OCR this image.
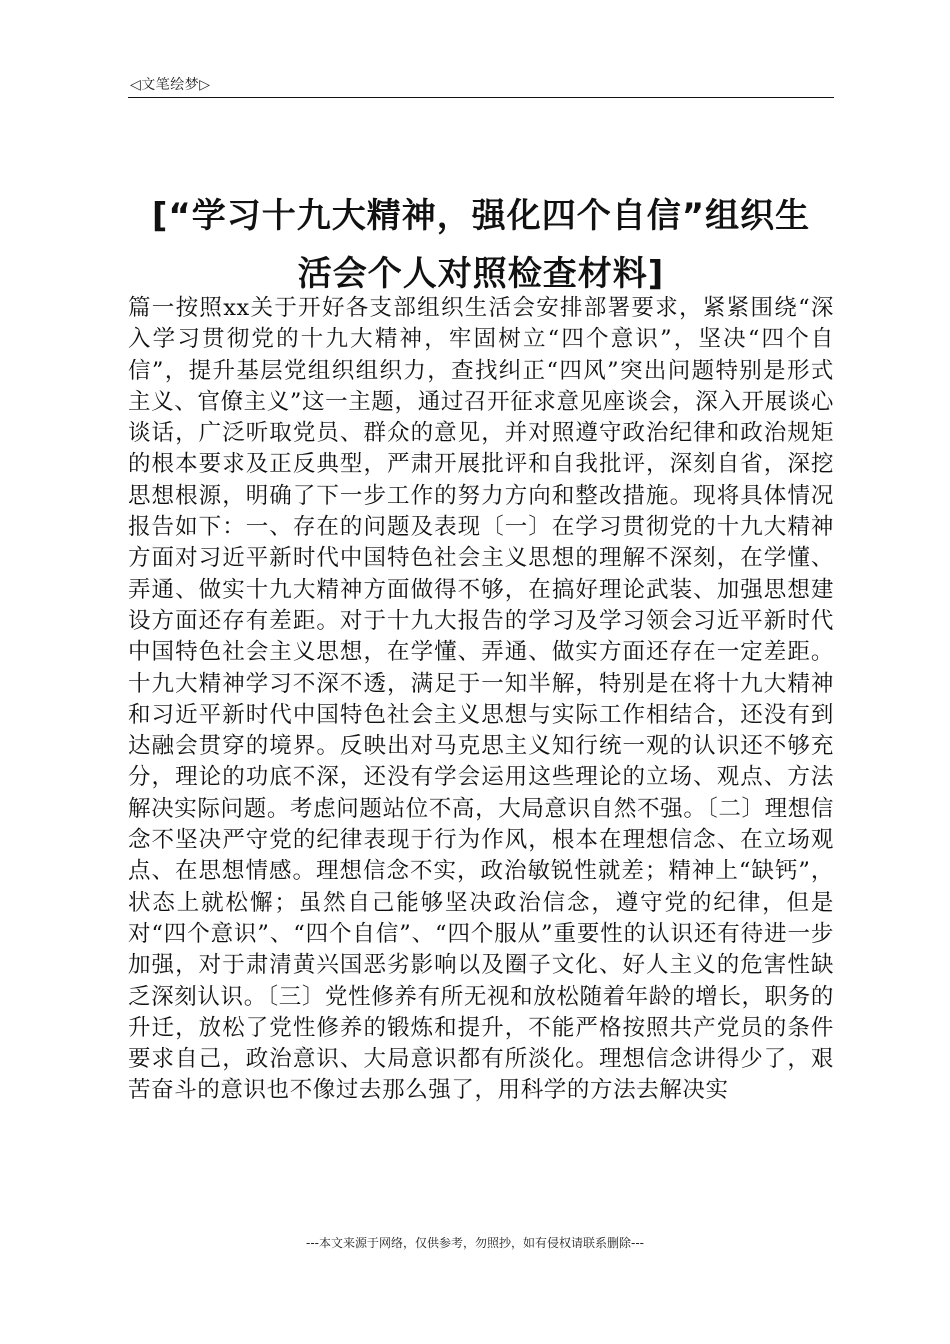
◁文笔绘梦▷
[“学习十九大精神，强化四个自信”组织生
活会个人对照检查材料]

篇一按照xx关于开好各支部组织生活会安排部署要求，紧紧围绕“深入学习贯彻党的十九大精神，牢固树立“四个意识”，坚决“四个自信”，提升基层党组织组织力，查找纠正“四风”突出问题特别是形式主义、官僚主义”这一主题，通过召开征求意见座谈会，深入开展谈心谈话，广泛听取党员、群众的意见，并对照遵守政治纪律和政治规矩的根本要求及正反典型，严肃开展批评和自我批评，深刻自省，深挖思想根源，明确了下一步工作的努力方向和整改措施。现将具体情况报告如下：一、存在的问题及表现〔一〕在学习贯彻党的十九大精神方面对习近平新时代中国特色社会主义思想的理解不深刻，在学懂、弄通、做实十九大精神方面做得不够，在搞好理论武装、加强思想建设方面还存有差距。对于十九大报告的学习及学习领会习近平新时代中国特色社会主义思想，在学懂、弄通、做实方面还存在一定差距。十九大精神学习不深不透，满足于一知半解，特别是在将十九大精神和习近平新时代中国特色社会主义思想与实际工作相结合，还没有到达融会贯穿的境界。反映出对马克思主义知行统一观的认识还不够充分，理论的功底不深，还没有学会运用这些理论的立场、观点、方法解决实际问题。考虑问题站位不高，大局意识自然不强。〔二〕理想信念不坚决严守党的纪律表现于行为作风，根本在理想信念、在立场观点、在思想情感。理想信念不实，政治敏锐性就差；精神上“缺钙”，状态上就松懈；虽然自己能够坚决政治信念，遵守党的纪律，但是对“四个意识”、“四个自信”、“四个服从”重要性的认识还有待进一步加强，对于肃清黄兴国恶劣影响以及圈子文化、好人主义的危害性缺乏深刻认识。〔三〕党性修养有所无视和放松随着年龄的增长，职务的升迁，放松了党性修养的锻炼和提升，不能严格按照共产党员的条件要求自己，政治意识、大局意识都有所淡化。理想信念讲得少了，艰苦奋斗的意识也不像过去那么强了，用科学的方法去解决实

---本文来源于网络，仅供参考，勿照抄，如有侵权请联系删除---
